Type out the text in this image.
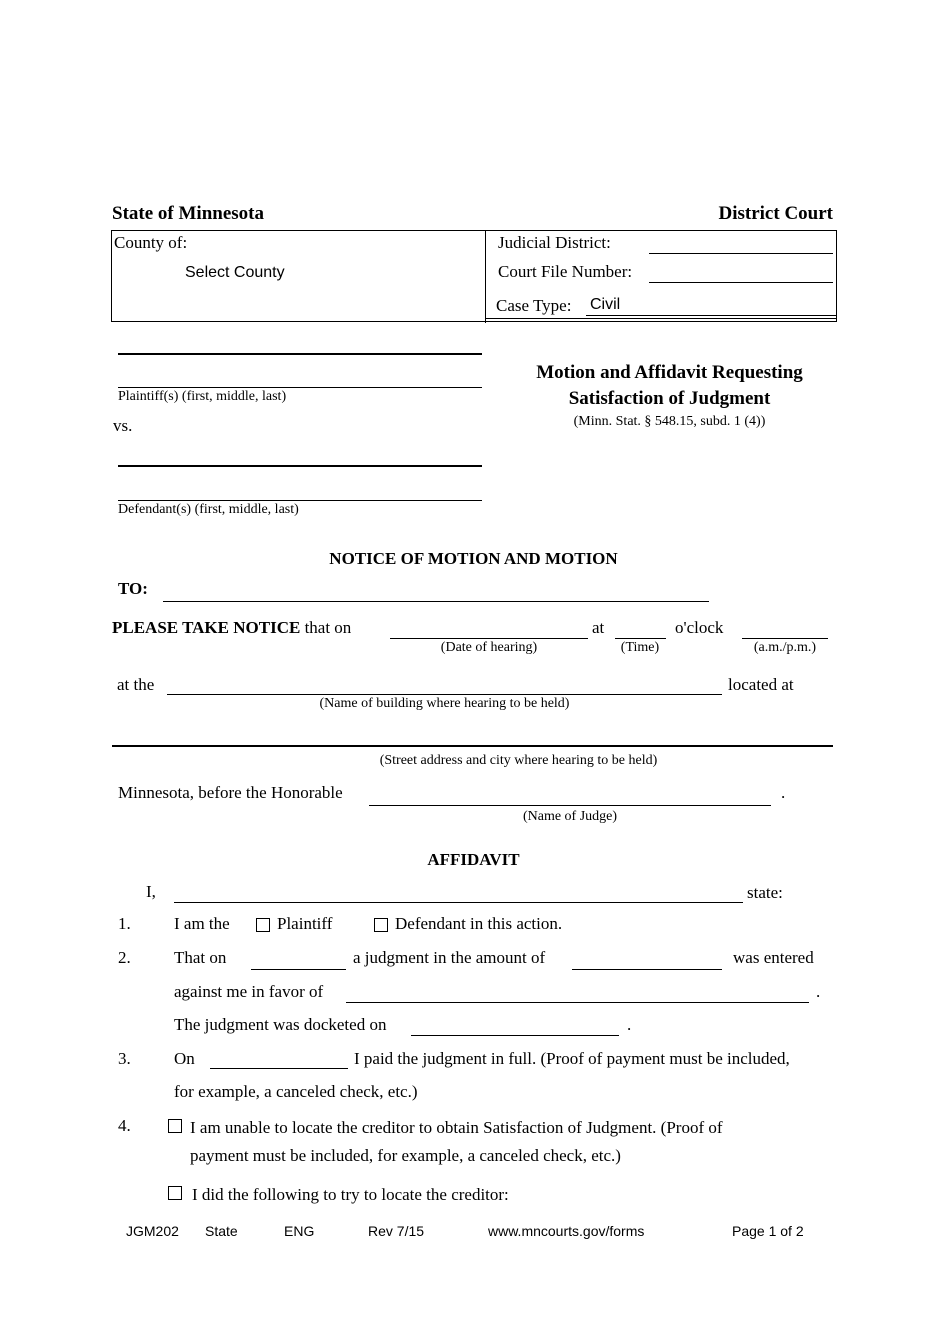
State of Minnesota	District Court
County of:
Select County
Judicial District:
Court File Number:
Case Type: Civil
Plaintiff(s) (first, middle, last)
vs.
Defendant(s) (first, middle, last)
Motion and Affidavit Requesting
Satisfaction of Judgment
(Minn. Stat. § 548.15, subd. 1 (4))
NOTICE OF MOTION AND MOTION
TO:
PLEASE TAKE NOTICE that on
(Date of hearing)
at
(Time)
o'clock
(a.m./p.m.)
at the
(Name of building where hearing to be held)
located at
(Street address and city where hearing to be held)
Minnesota, before the Honorable	.
(Name of Judge)
AFFIDAVIT
I,	state:
1.	I am the	Plaintiff	Defendant in this action.
2.	That on	a judgment in the amount of	was entered
against me in favor of	.
The judgment was docketed on	.
3.	On	I paid the judgment in full. (Proof of payment must be included,
for example, a canceled check, etc.)
4.	I am unable to locate the creditor to obtain Satisfaction of Judgment. (Proof of
payment must be included, for example, a canceled check, etc.)
I did the following to try to locate the creditor:
JGM202 State	ENG	Rev 7/15	www.mncourts.gov/forms	Page 1 of 2
